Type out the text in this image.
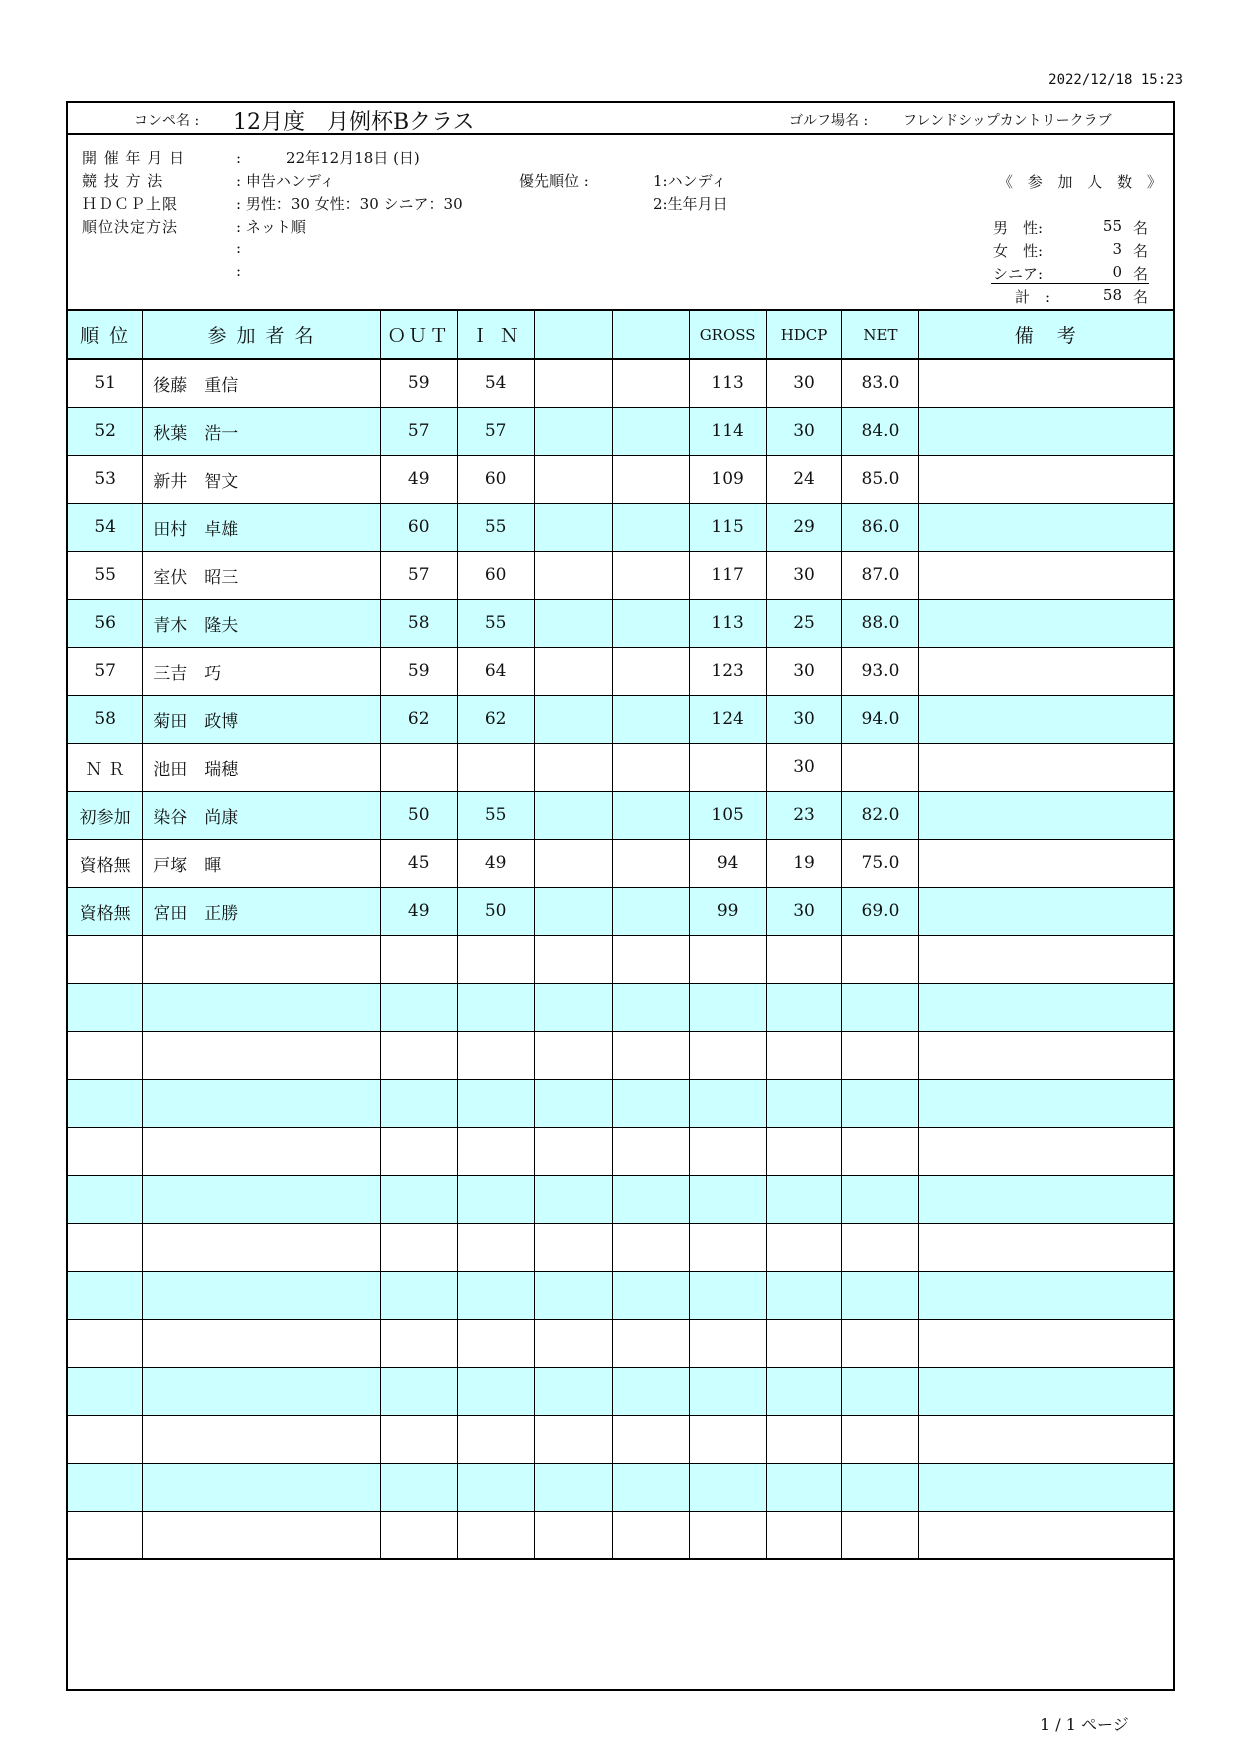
2022/12/18 15:23
コンペ名 : 12月度　月例杯Bクラス	ゴルフ場名 : フレンドシップカントリークラブ
開 催 年 月 日	:　　　22年12月18日 (日)
競 技 方 法	: 申告ハンディ
ＨＤＣＰ上限	: 男性：30 女性：30 シニア：30
順位決定方法	: ネット順
:
:
優先順位 :	1:ハンディ
2:生年月日
《 参 加 人 数 》
男　性:	55 名
女　性:	3 名
シニア:	0 名
計　:	58 名
順 位	参 加 者 名	ＯＵＴ	Ｉ Ｎ			GROSS	HDCP	NET	備　考
51	後藤　重信	59	54			113	30	83.0	
52	秋葉　浩一	57	57			114	30	84.0	
53	新井　智文	49	60			109	24	85.0	
54	田村　卓雄	60	55			115	29	86.0	
55	室伏　昭三	57	60			117	30	87.0	
56	青木　隆夫	58	55			113	25	88.0	
57	三吉　巧	59	64			123	30	93.0	
58	菊田　政博	62	62			124	30	94.0	
Ｎ Ｒ	池田　瑞穂						30		
初参加	染谷　尚康	50	55			105	23	82.0	
資格無	戸塚　暉	45	49			94	19	75.0	
資格無	宮田　正勝	49	50			99	30	69.0	

1 / 1 ページ
